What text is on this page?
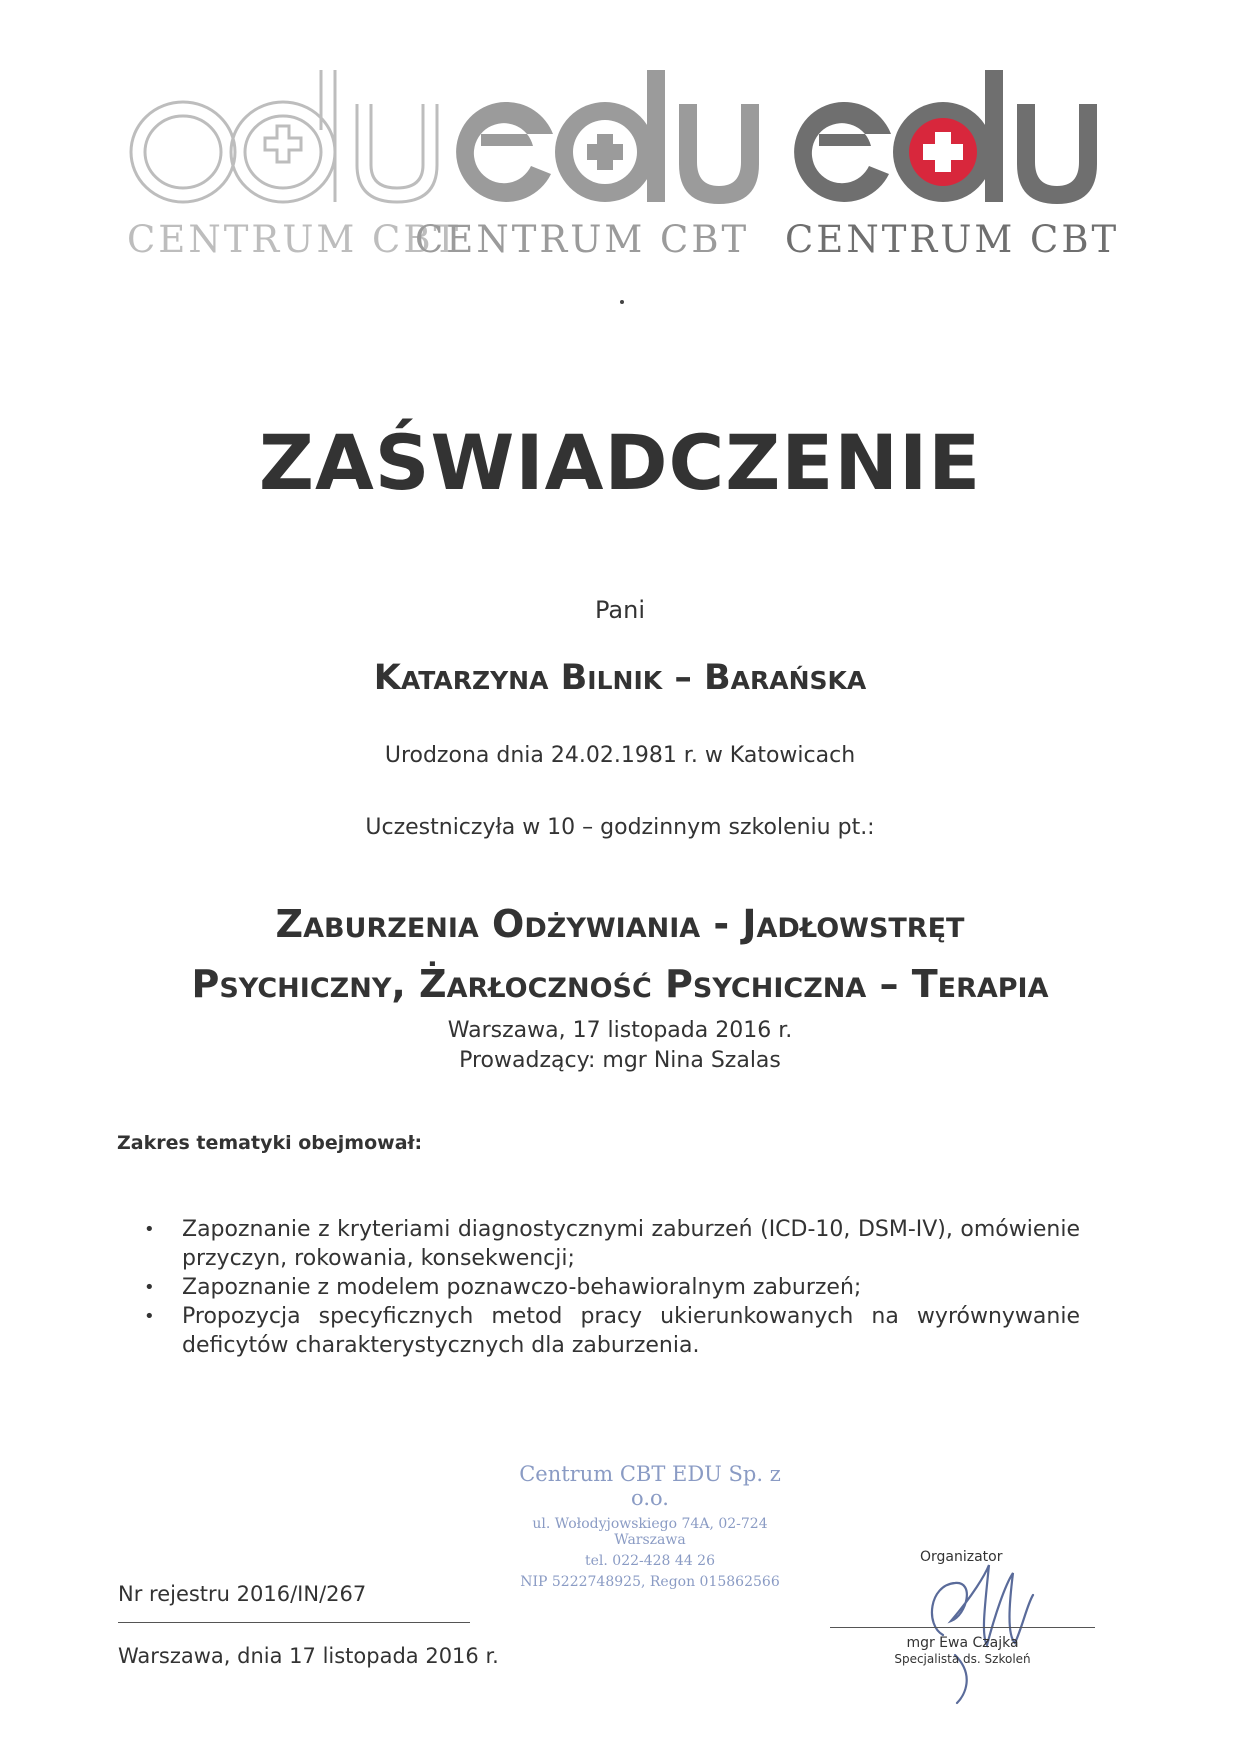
CENTRUM CBT
CENTRUM CBT CENTRUM CBT
ZAŚWIADCZENIE
Pani
Katarzyna Bilnik – Barańska
Urodzona dnia 24.02.1981 r. w Katowicach
Uczestniczyła w 10 – godzinnym szkoleniu pt.:
Zaburzenia Odżywiania - Jadłowstręt
Psychiczny, Żarłoczność Psychiczna – Terapia
Warszawa, 17 listopada 2016 r.
Prowadzący: mgr Nina Szalas
Zakres tematyki obejmował:
• Zapoznanie z kryteriami diagnostycznymi zaburzeń (ICD-10, DSM-IV), omówienie przyczyn, rokowania, konsekwencji;
• Zapoznanie z modelem poznawczo-behawioralnym zaburzeń;
• Propozycja specyficznych metod pracy ukierunkowanych na wyrównywanie deficytów charakterystycznych dla zaburzenia.
Centrum CBT EDU Sp. z o.o.
ul. Wołodyjowskiego 74A, 02-724 Warszawa
tel. 022-428 44 26
NIP 5222748925, Regon 015862566
Nr rejestru 2016/IN/267
Warszawa, dnia 17 listopada 2016 r.
Organizator
mgr Ewa Czajka
Specjalista ds. Szkoleń
